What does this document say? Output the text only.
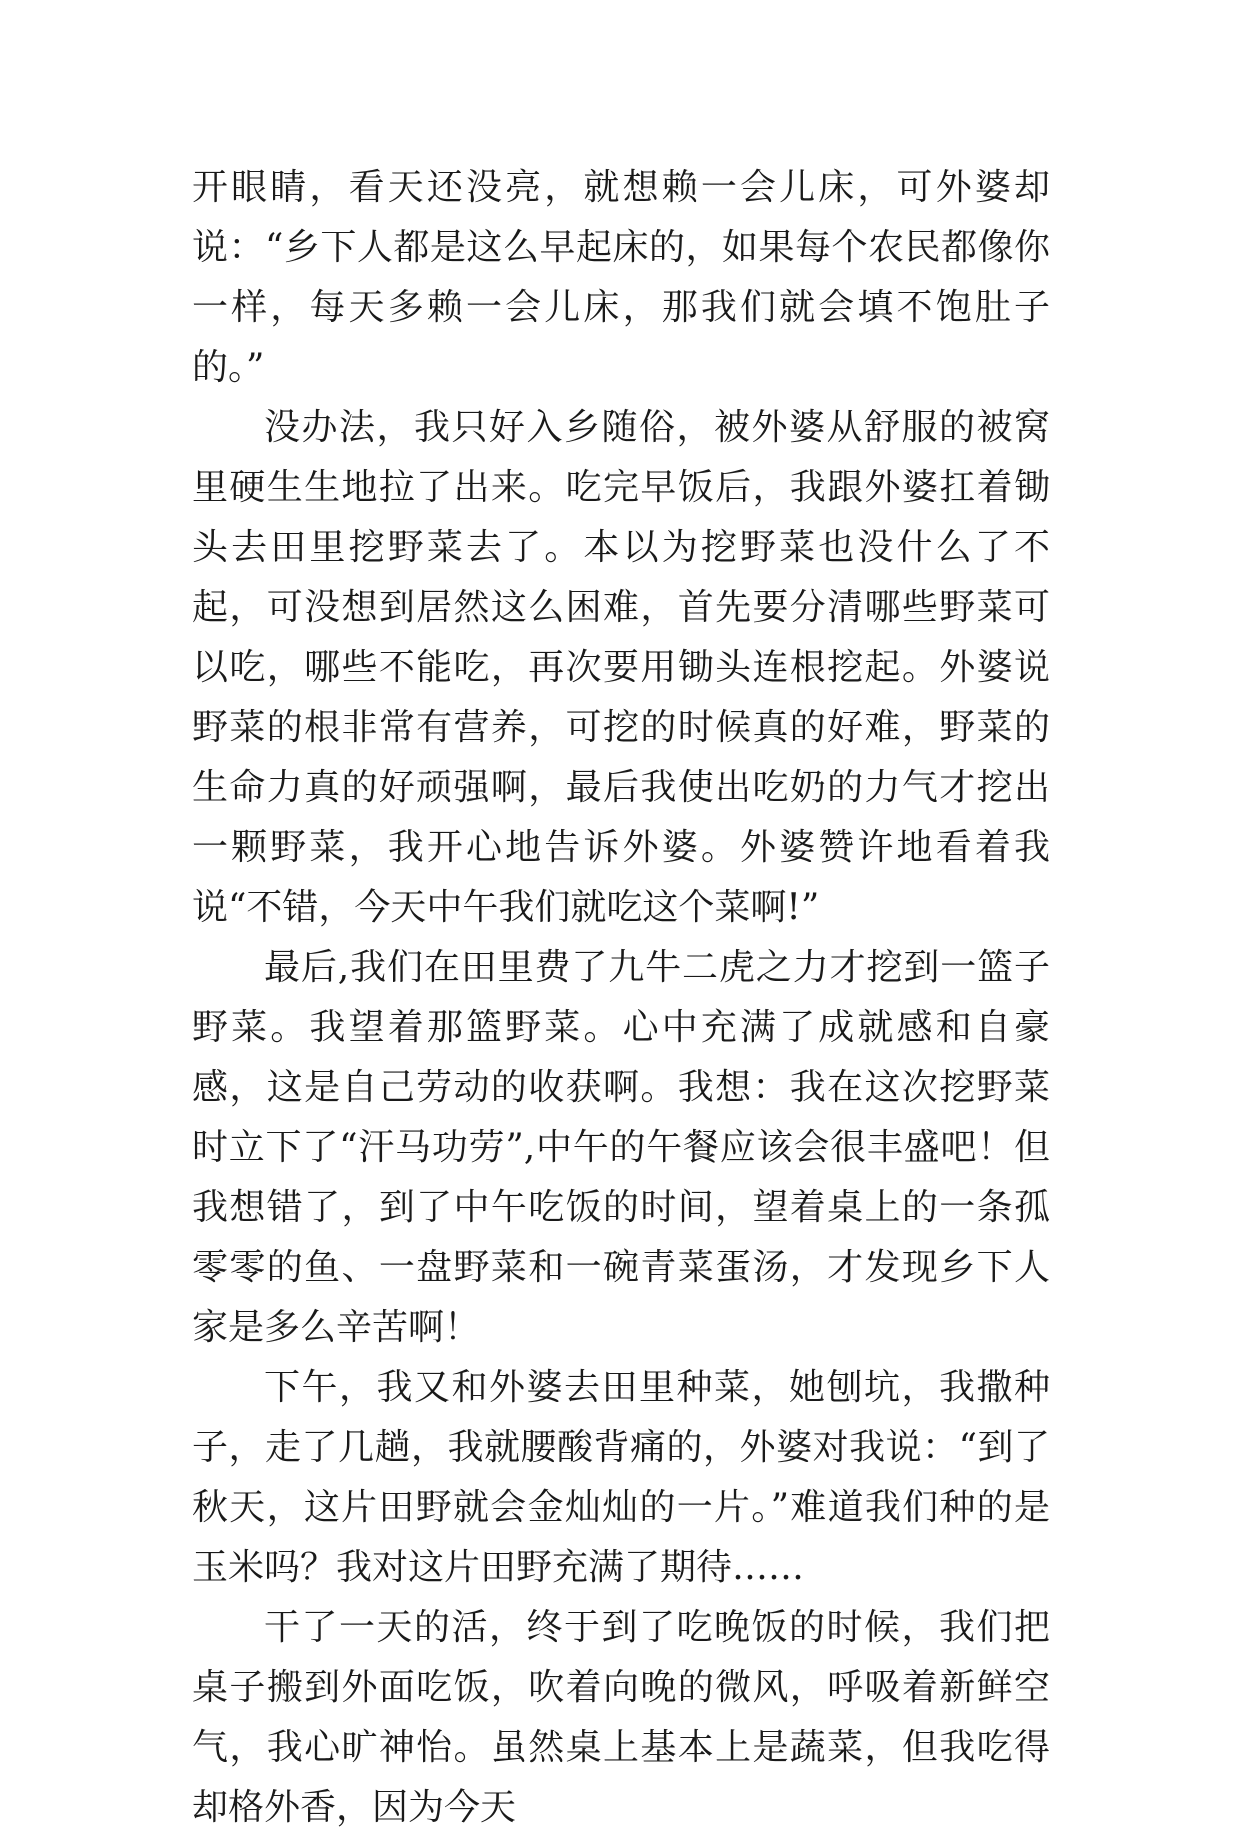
开眼睛，看天还没亮，就想赖一会儿床，可外婆却说：“乡下人都是这么早起床的，如果每个农民都像你一样，每天多赖一会儿床，那我们就会填不饱肚子的。”

没办法，我只好入乡随俗，被外婆从舒服的被窝里硬生生地拉了出来。吃完早饭后，我跟外婆扛着锄头去田里挖野菜去了。本以为挖野菜也没什么了不起，可没想到居然这么困难，首先要分清哪些野菜可以吃，哪些不能吃，再次要用锄头连根挖起。外婆说野菜的根非常有营养，可挖的时候真的好难，野菜的生命力真的好顽强啊，最后我使出吃奶的力气才挖出一颗野菜，我开心地告诉外婆。外婆赞许地看着我说“不错，今天中午我们就吃这个菜啊!”

最后,我们在田里费了九牛二虎之力才挖到一篮子野菜。我望着那篮野菜。心中充满了成就感和自豪感，这是自己劳动的收获啊。我想：我在这次挖野菜时立下了“汗马功劳”,中午的午餐应该会很丰盛吧！但我想错了，到了中午吃饭的时间，望着桌上的一条孤零零的鱼、一盘野菜和一碗青菜蛋汤，才发现乡下人家是多么辛苦啊！

下午，我又和外婆去田里种菜，她刨坑，我撒种子，走了几趟，我就腰酸背痛的，外婆对我说：“到了秋天，这片田野就会金灿灿的一片。”难道我们种的是玉米吗？我对这片田野充满了期待……

干了一天的活，终于到了吃晚饭的时候，我们把桌子搬到外面吃饭，吹着向晚的微风，呼吸着新鲜空气，我心旷神怡。虽然桌上基本上是蔬菜，但我吃得却格外香，因为今天
